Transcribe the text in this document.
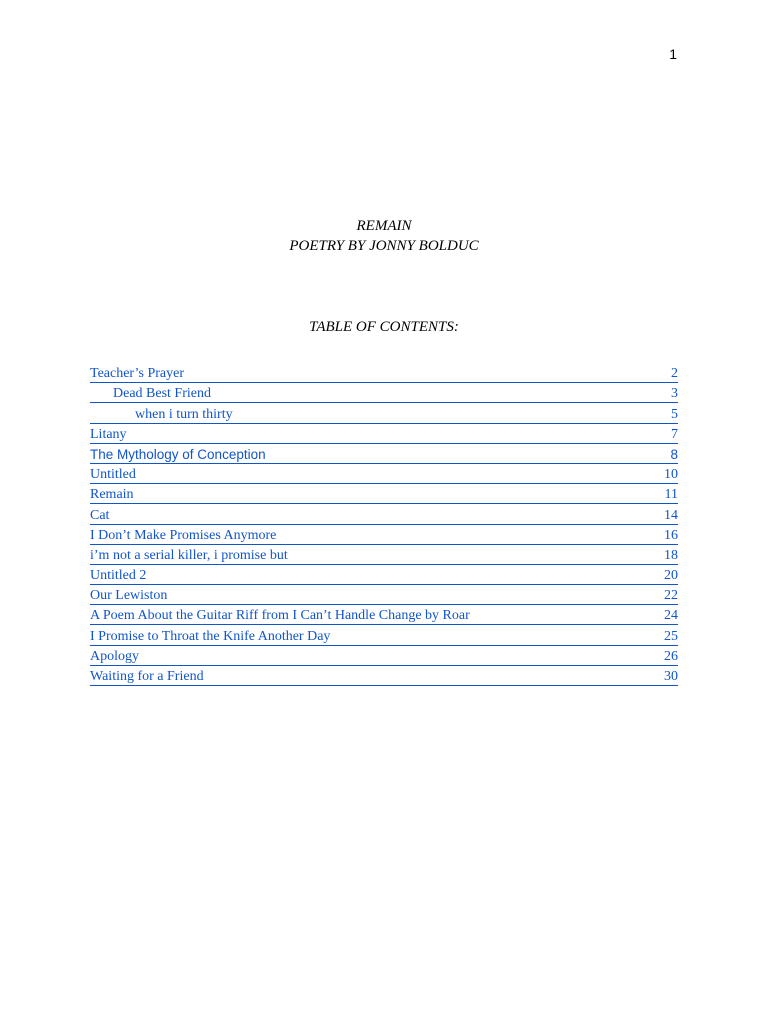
1
REMAIN
POETRY BY JONNY BOLDUC
TABLE OF CONTENTS:
Teacher’s Prayer	2
Dead Best Friend	3
when i turn thirty	5
Litany	7
The Mythology of Conception	8
Untitled	10
Remain	11
Cat	14
I Don’t Make Promises Anymore	16
i’m not a serial killer, i promise but	18
Untitled 2	20
Our Lewiston	22
A Poem About the Guitar Riff from I Can’t Handle Change by Roar	24
I Promise to Throat the Knife Another Day	25
Apology	26
Waiting for a Friend	30
